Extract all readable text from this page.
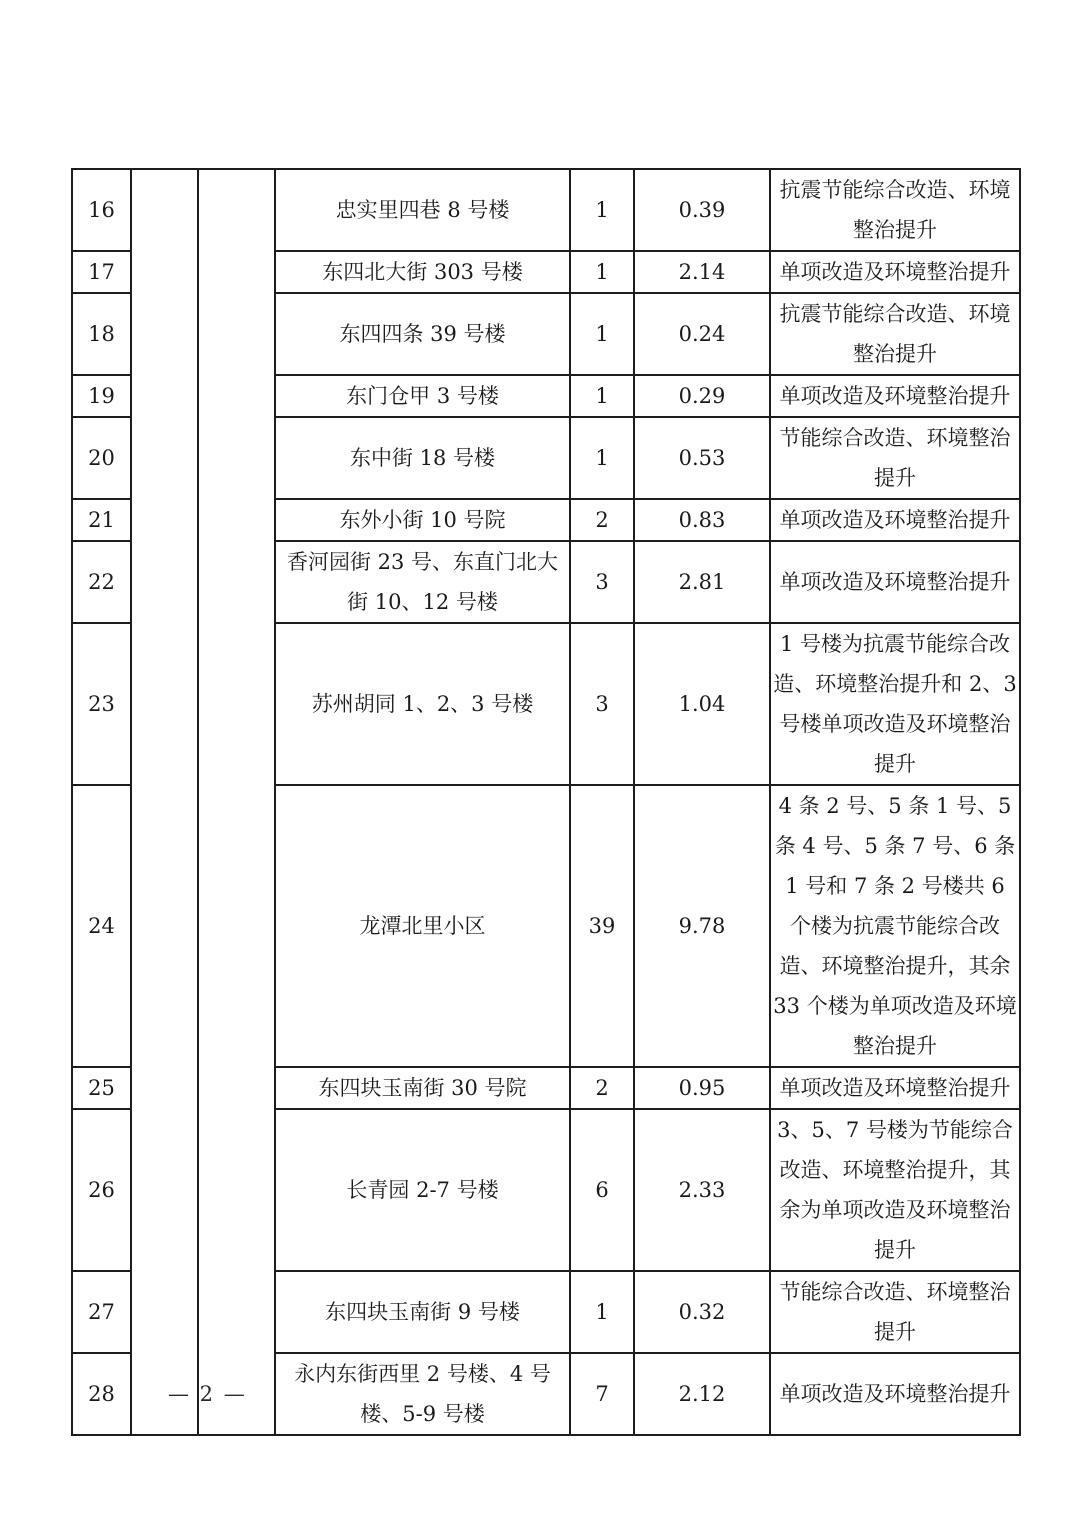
16			忠实里四巷 8 号楼	1	0.39	抗震节能综合改造、环境整治提升
17			东四北大街 303 号楼	1	2.14	单项改造及环境整治提升
18			东四四条 39 号楼	1	0.24	抗震节能综合改造、环境整治提升
19			东门仓甲 3 号楼	1	0.29	单项改造及环境整治提升
20			东中街 18 号楼	1	0.53	节能综合改造、环境整治提升
21			东外小街 10 号院	2	0.83	单项改造及环境整治提升
22			香河园街 23 号、东直门北大街 10、12 号楼	3	2.81	单项改造及环境整治提升
23			苏州胡同 1、2、3 号楼	3	1.04	1 号楼为抗震节能综合改造、环境整治提升和 2、3 号楼单项改造及环境整治提升
24			龙潭北里小区	39	9.78	4 条 2 号、5 条 1 号、5 条 4 号、5 条 7 号、6 条 1 号和 7 条 2 号楼共 6 个楼为抗震节能综合改造、环境整治提升，其余 33 个楼为单项改造及环境整治提升
25			东四块玉南街 30 号院	2	0.95	单项改造及环境整治提升
26			长青园 2-7 号楼	6	2.33	3、5、7 号楼为节能综合改造、环境整治提升，其余为单项改造及环境整治提升
27			东四块玉南街 9 号楼	1	0.32	节能综合改造、环境整治提升
28			永内东街西里 2 号楼、4 号楼、5-9 号楼	7	2.12	单项改造及环境整治提升
— 2 —
